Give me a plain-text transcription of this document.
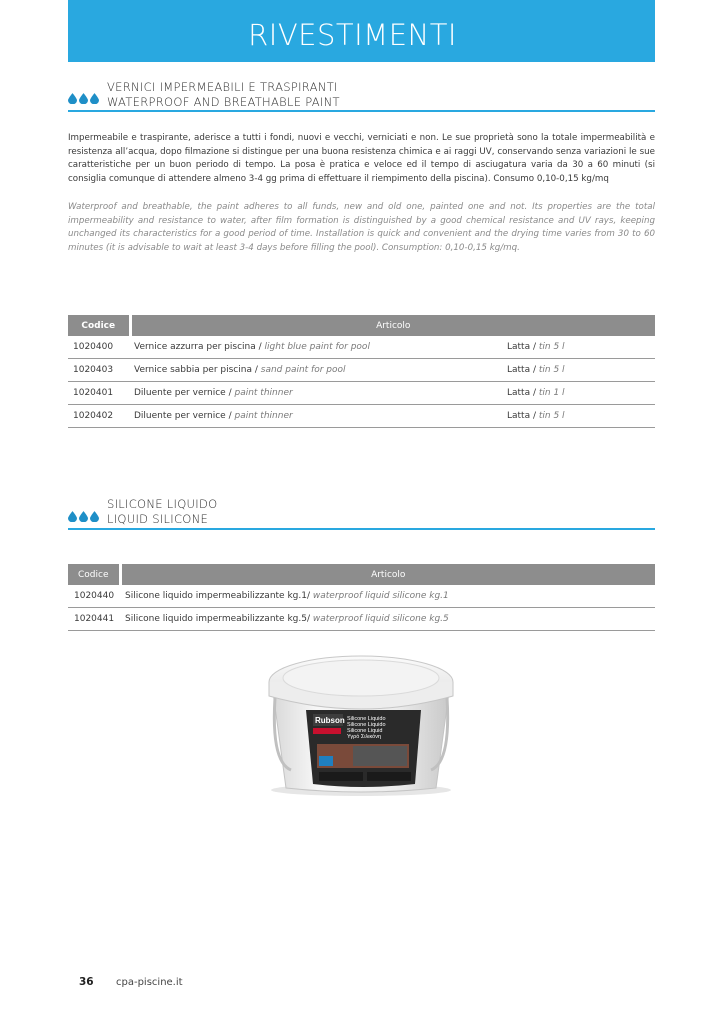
RIVESTIMENTI
VERNICI IMPERMEABILI E TRASPIRANTI
WATERPROOF AND BREATHABLE PAINT
Impermeabile e traspirante, aderisce a tutti i fondi, nuovi e vecchi, verniciati e non. Le sue proprietà sono la totale impermeabilità e resistenza all’acqua, dopo filmazione si distingue per una buona resistenza chimica e ai raggi UV, conservando senza variazioni le sue caratteristiche per un buon periodo di tempo. La posa è pratica e veloce ed il tempo di asciugatura varia da 30 a 60 minuti (si consiglia comunque di attendere almeno 3-4 gg prima di effettuare il riempimento della piscina). Consumo 0,10-0,15 kg/mq
Waterproof and breathable, the paint adheres to all funds, new and old one, painted one and not. Its properties are the total impermeability and resistance to water, after film formation is distinguished by a good chemical resistance and UV rays, keeping unchanged its characteristics for a good period of time. Installation is quick and convenient and the drying time varies from 30 to 60 minutes (it is advisable to wait at least 3-4 days before filling the pool). Consumption: 0,10-0,15 kg/mq.
Codice	Articolo	
1020400	Vernice azzurra per piscina / light blue paint for pool	Latta / tin 5 l
1020403	Vernice sabbia per piscina / sand paint for pool	Latta / tin 5 l
1020401	Diluente per vernice / paint thinner	Latta / tin 1 l
1020402	Diluente per vernice / paint thinner	Latta / tin 5 l
SILICONE LIQUIDO
LIQUID SILICONE
Codice	Articolo
1020440	Silicone liquido impermeabilizzante kg.1/ waterproof liquid silicone kg.1
1020441	Silicone liquido impermeabilizzante kg.5/ waterproof liquid silicone kg.5
Rubson Silicone Liquido
Silicone Liquido
Silicone Liquid
Υγρό Σιλικόνη
36 cpa-piscine.it
